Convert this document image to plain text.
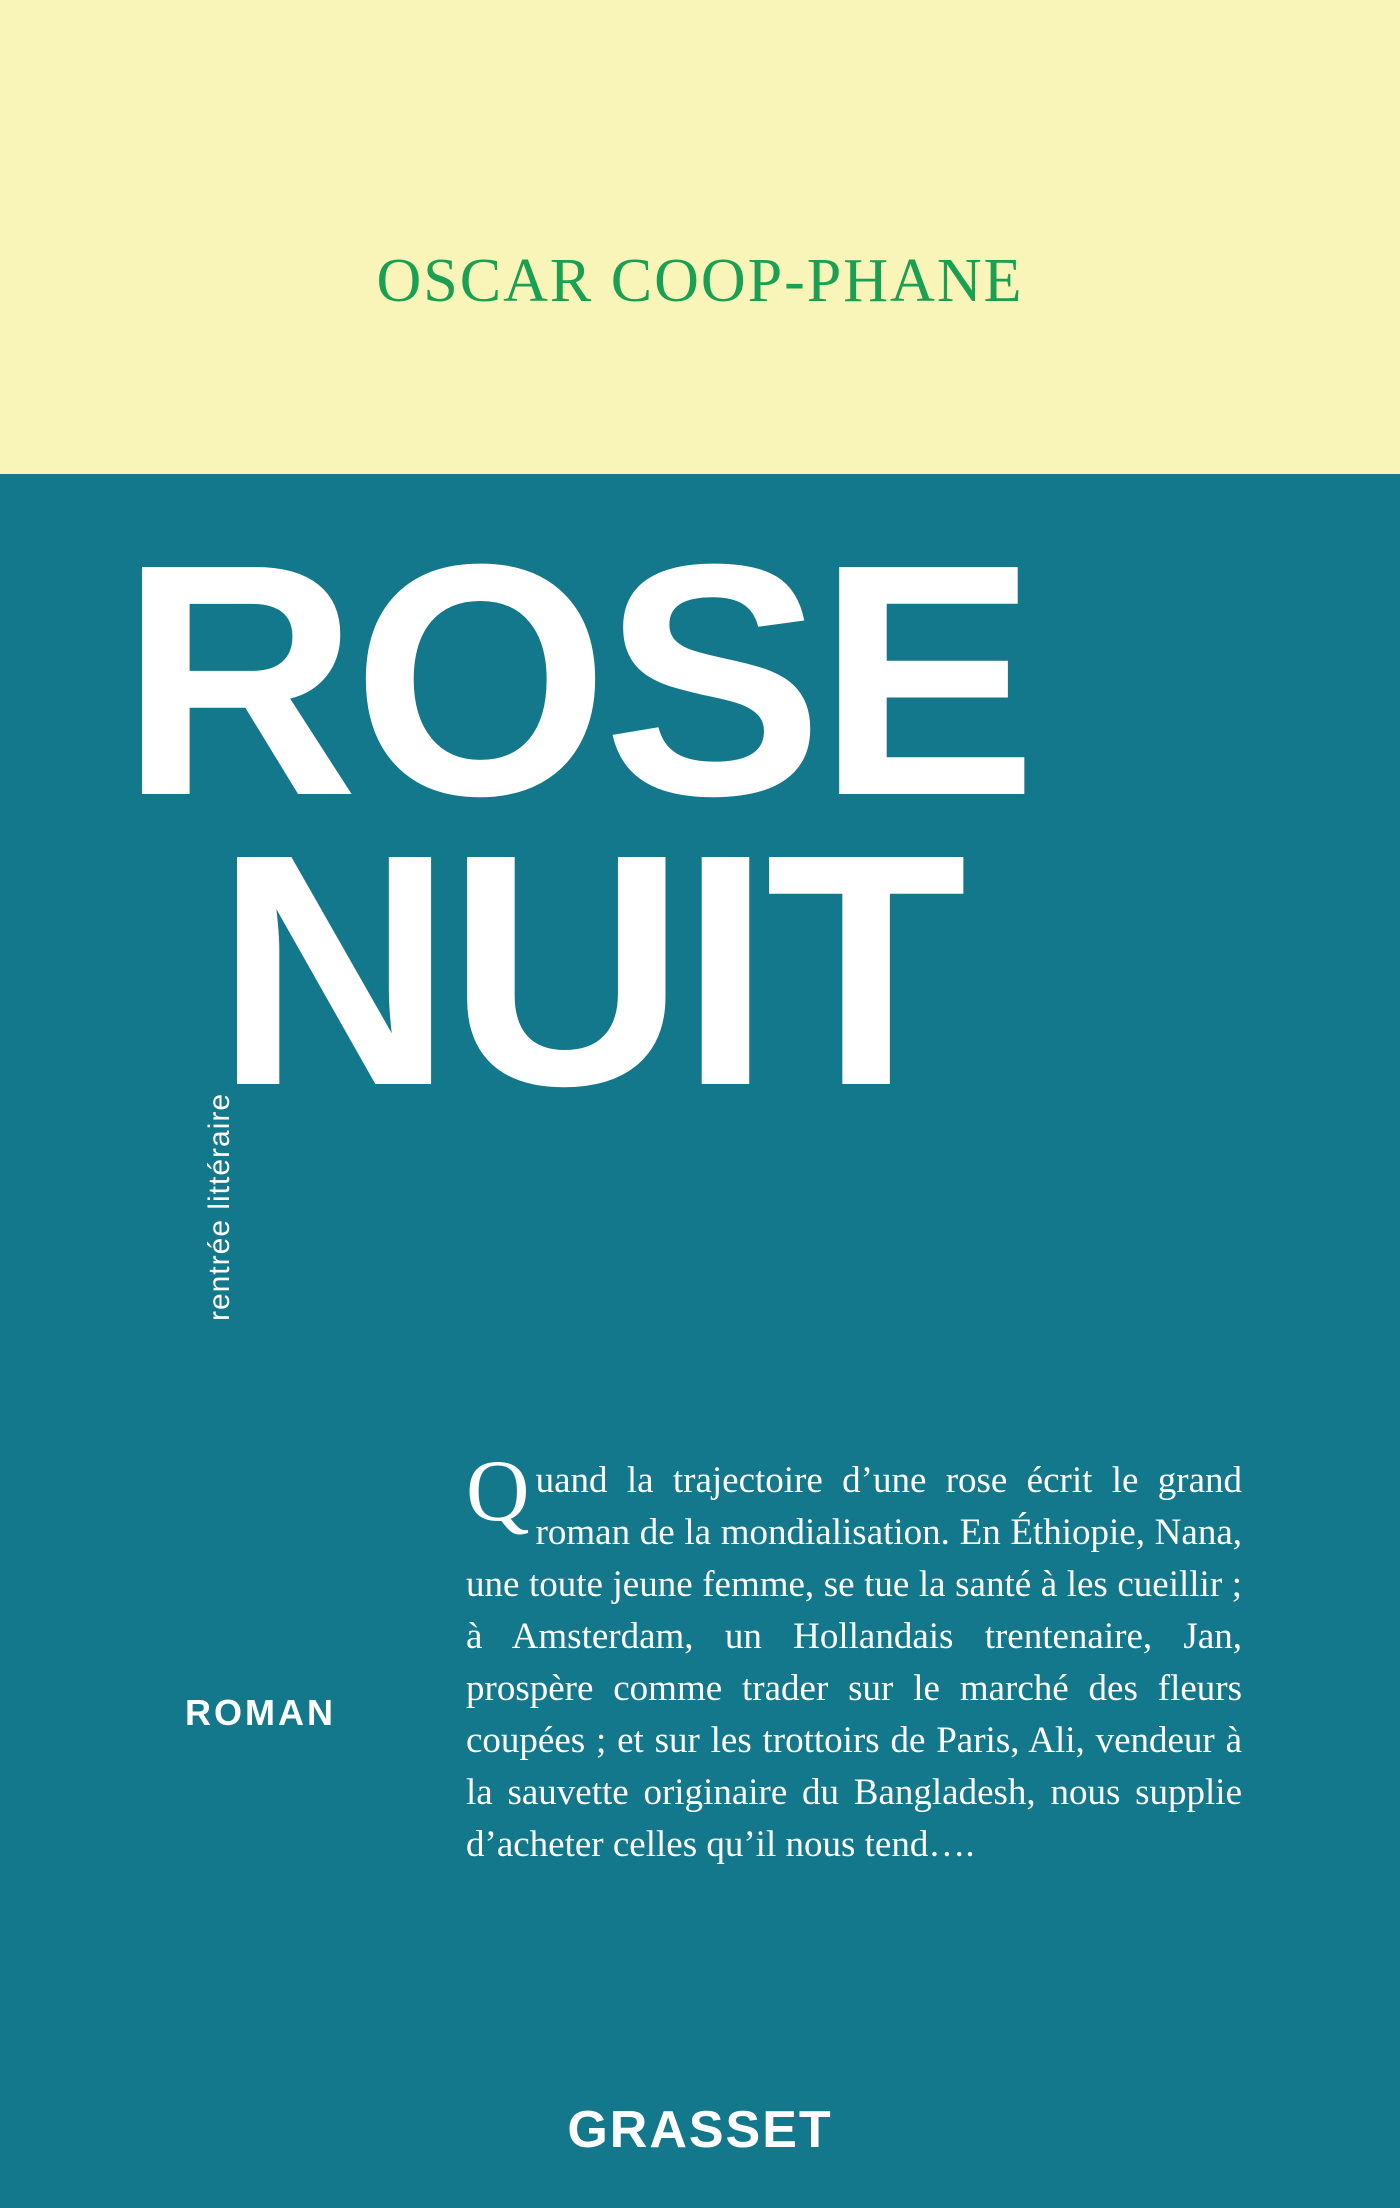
OSCAR COOP-PHANE
ROSE
NUIT
rentrée littéraire
ROMAN
Quand la trajectoire d’une rose écrit le grand roman de la mondialisation. En Éthiopie, Nana, une toute jeune femme, se tue la santé à les cueillir ; à Amsterdam, un Hollandais trentenaire, Jan, prospère comme trader sur le marché des fleurs coupées ; et sur les trottoirs de Paris, Ali, vendeur à la sauvette originaire du Bangladesh, nous supplie d’acheter celles qu’il nous tend….
GRASSET
